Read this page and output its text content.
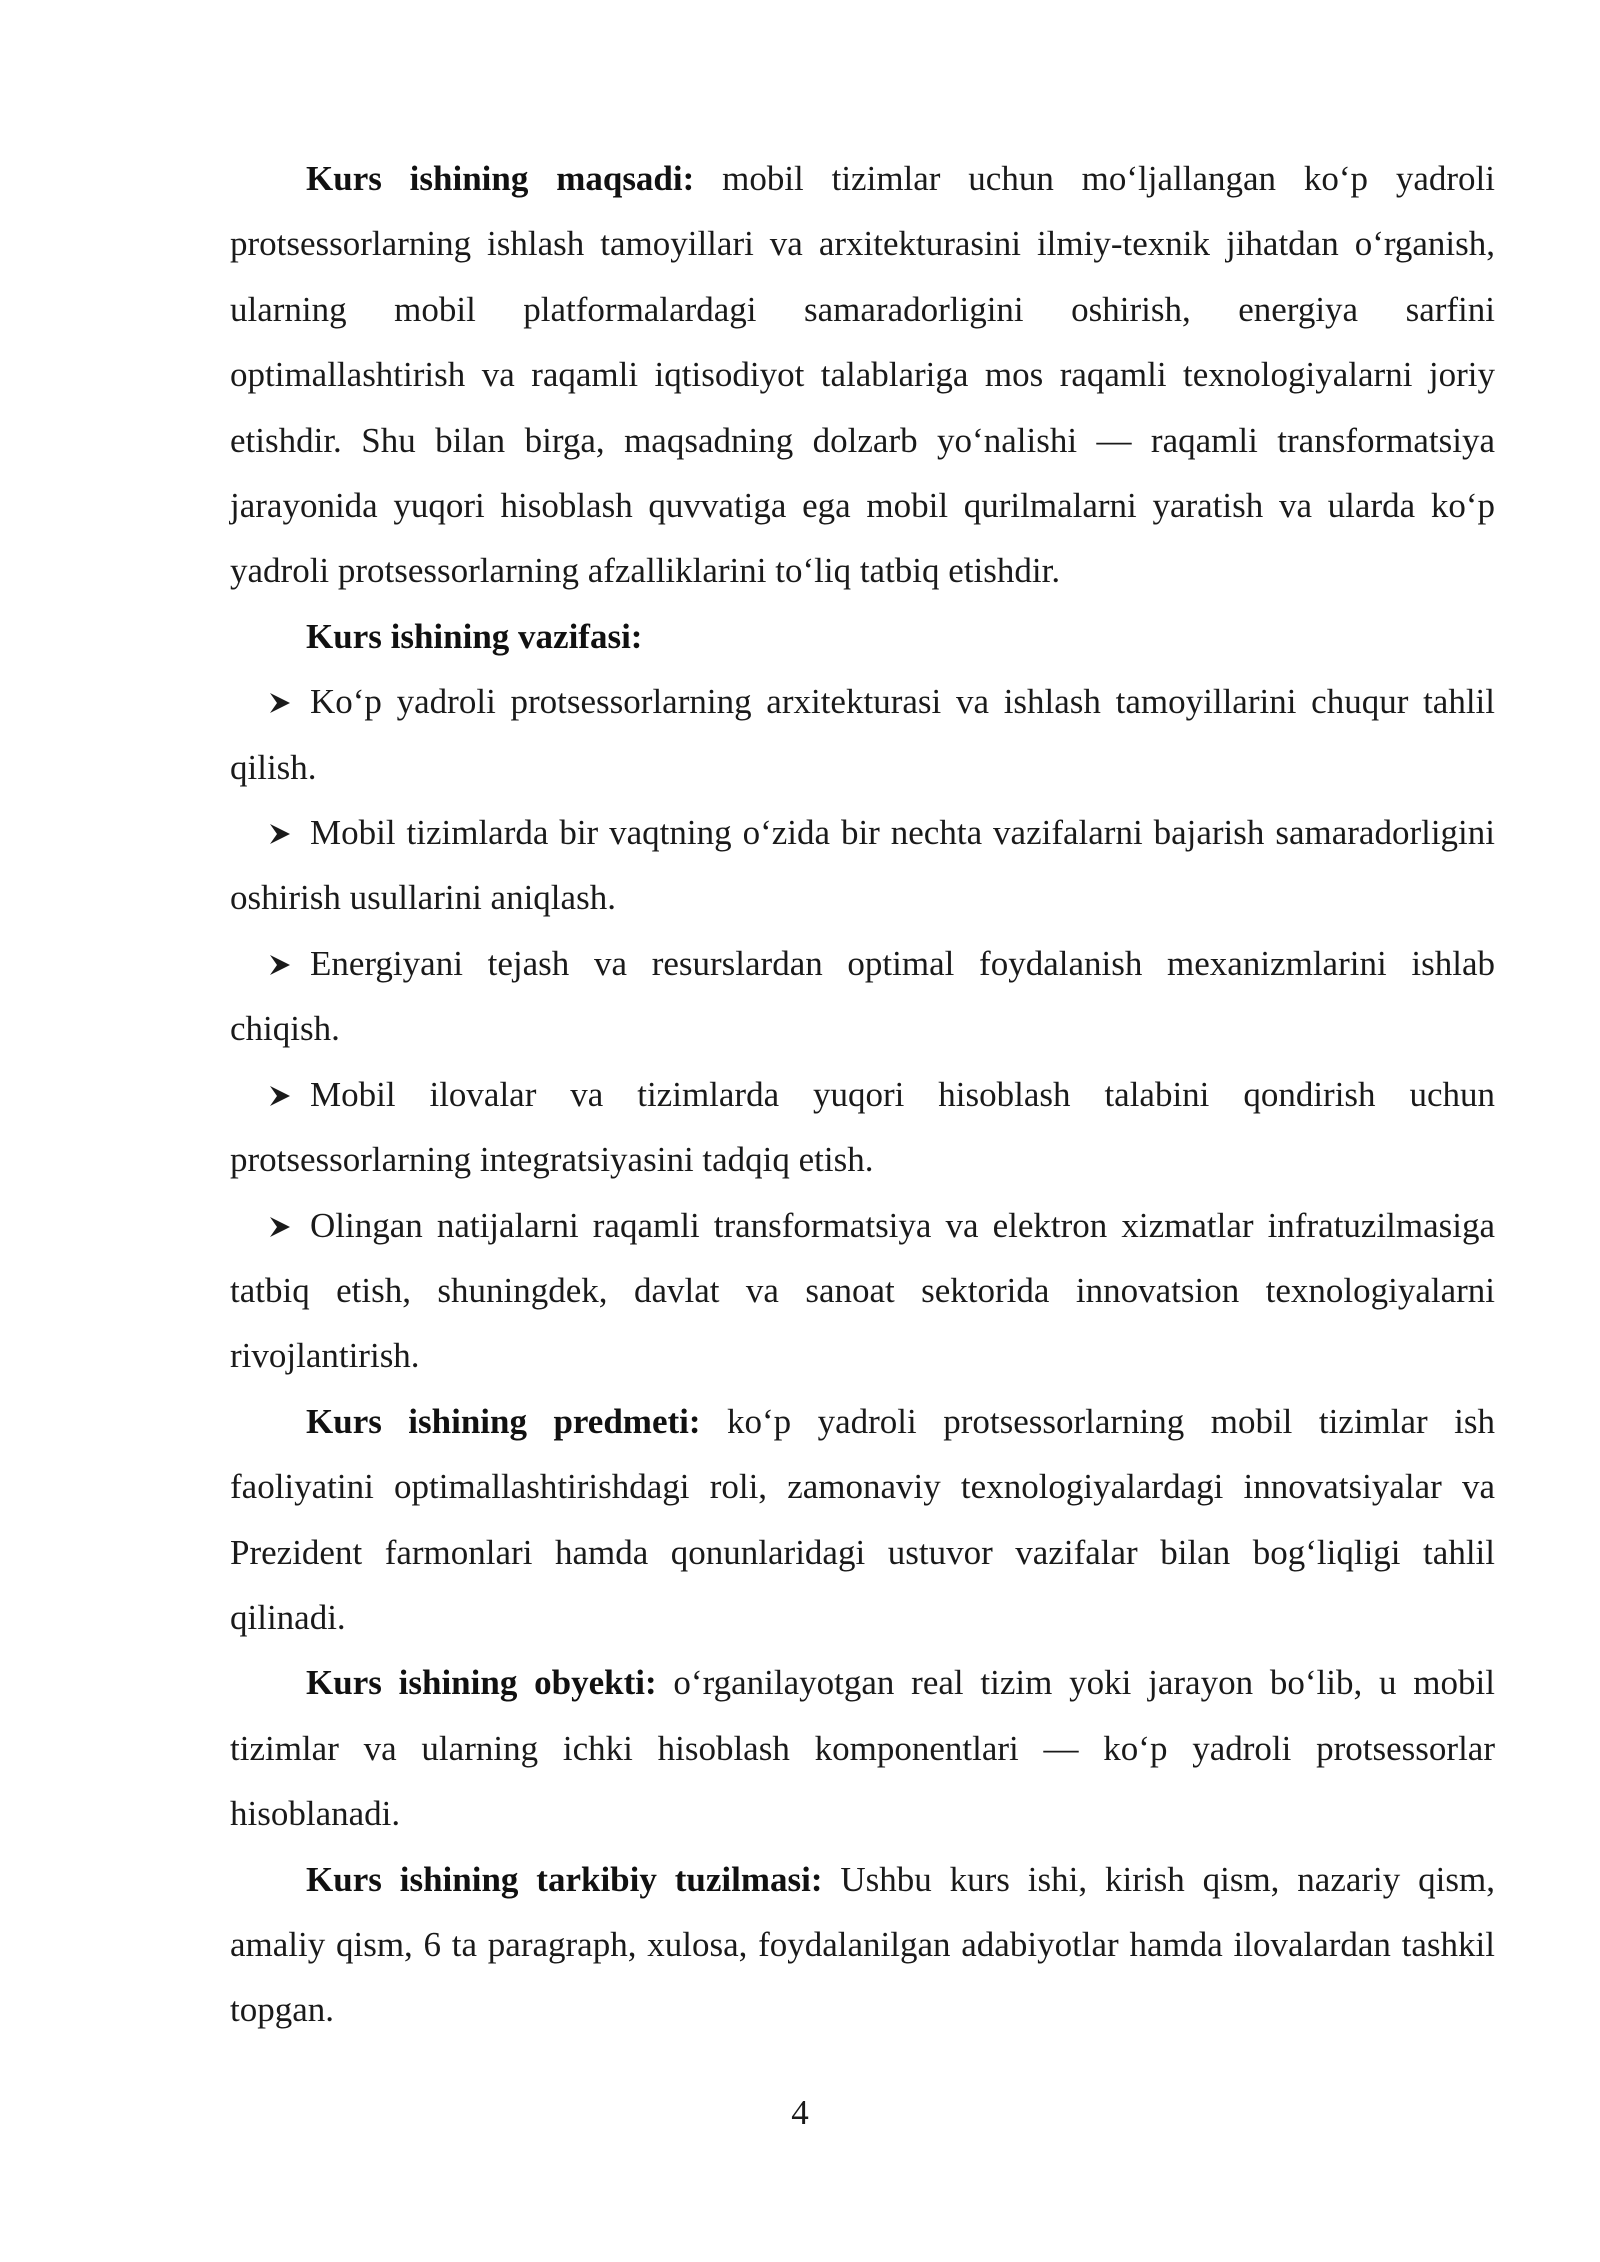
Kurs ishining maqsadi: mobil tizimlar uchun mo‘ljallangan ko‘p yadroli protsessorlarning ishlash tamoyillari va arxitekturasini ilmiy-texnik jihatdan o‘rganish, ularning mobil platformalardagi samaradorligini oshirish, energiya sarfini optimallashtirish va raqamli iqtisodiyot talablariga mos raqamli texnologiyalarni joriy etishdir. Shu bilan birga, maqsadning dolzarb yo‘nalishi — raqamli transformatsiya jarayonida yuqori hisoblash quvvatiga ega mobil qurilmalarni yaratish va ularda ko‘p yadroli protsessorlarning afzalliklarini to‘liq tatbiq etishdir.

Kurs ishining vazifasi:

Ko‘p yadroli protsessorlarning arxitekturasi va ishlash tamoyillarini chuqur tahlil qilish.

Mobil tizimlarda bir vaqtning o‘zida bir nechta vazifalarni bajarish samaradorligini oshirish usullarini aniqlash.

Energiyani tejash va resurslardan optimal foydalanish mexanizmlarini ishlab chiqish.

Mobil ilovalar va tizimlarda yuqori hisoblash talabini qondirish uchun protsessorlarning integratsiyasini tadqiq etish.

Olingan natijalarni raqamli transformatsiya va elektron xizmatlar infratuzilmasiga tatbiq etish, shuningdek, davlat va sanoat sektorida innovatsion texnologiyalarni rivojlantirish.

Kurs ishining predmeti: ko‘p yadroli protsessorlarning mobil tizimlar ish faoliyatini optimallashtirishdagi roli, zamonaviy texnologiyalardagi innovatsiyalar va Prezident farmonlari hamda qonunlaridagi ustuvor vazifalar bilan bog‘liqligi tahlil qilinadi.

Kurs ishining obyekti: o‘rganilayotgan real tizim yoki jarayon bo‘lib, u mobil tizimlar va ularning ichki hisoblash komponentlari — ko‘p yadroli protsessorlar hisoblanadi.

Kurs ishining tarkibiy tuzilmasi: Ushbu kurs ishi, kirish qism, nazariy qism, amaliy qism, 6 ta paragraph, xulosa, foydalanilgan adabiyotlar hamda ilovalardan tashkil topgan.

4
